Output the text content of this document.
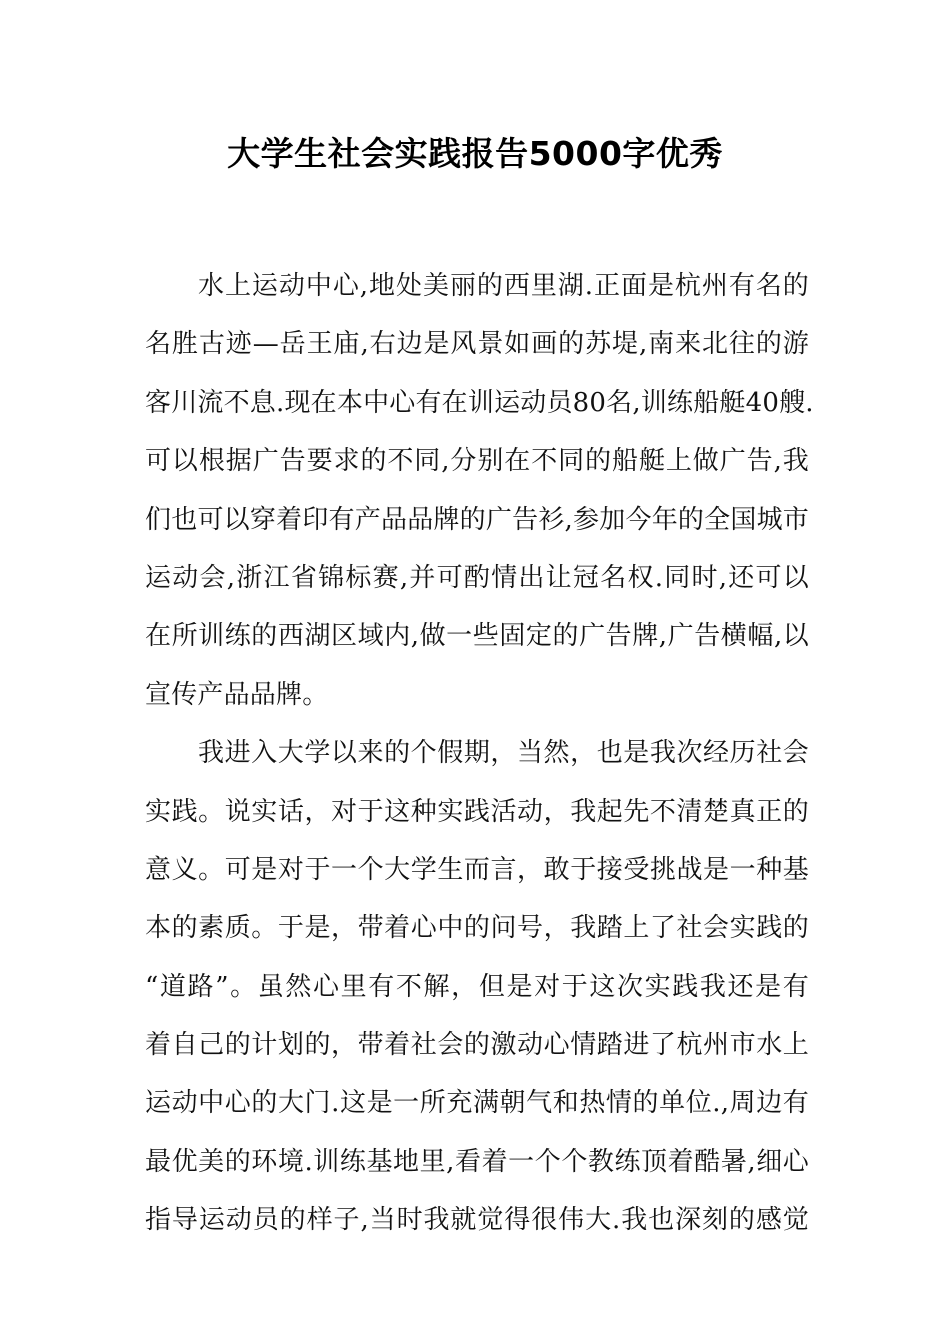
大学生社会实践报告5000字优秀
水上运动中心,地处美丽的西里湖.正面是杭州有名的
名胜古迹—岳王庙,右边是风景如画的苏堤,南来北往的游
客川流不息.现在本中心有在训运动员80名,训练船艇40艘.
可以根据广告要求的不同,分别在不同的船艇上做广告,我
们也可以穿着印有产品品牌的广告衫,参加今年的全国城市
运动会,浙江省锦标赛,并可酌情出让冠名权.同时,还可以
在所训练的西湖区域内,做一些固定的广告牌,广告横幅,以
宣传产品品牌。
我进入大学以来的个假期，当然，也是我次经历社会
实践。说实话，对于这种实践活动，我起先不清楚真正的
意义。可是对于一个大学生而言，敢于接受挑战是一种基
本的素质。于是，带着心中的问号，我踏上了社会实践的
“道路”。虽然心里有不解，但是对于这次实践我还是有
着自己的计划的，带着社会的激动心情踏进了杭州市水上
运动中心的大门.这是一所充满朝气和热情的单位.,周边有
最优美的环境.训练基地里,看着一个个教练顶着酷暑,细心
指导运动员的样子,当时我就觉得很伟大.我也深刻的感觉
